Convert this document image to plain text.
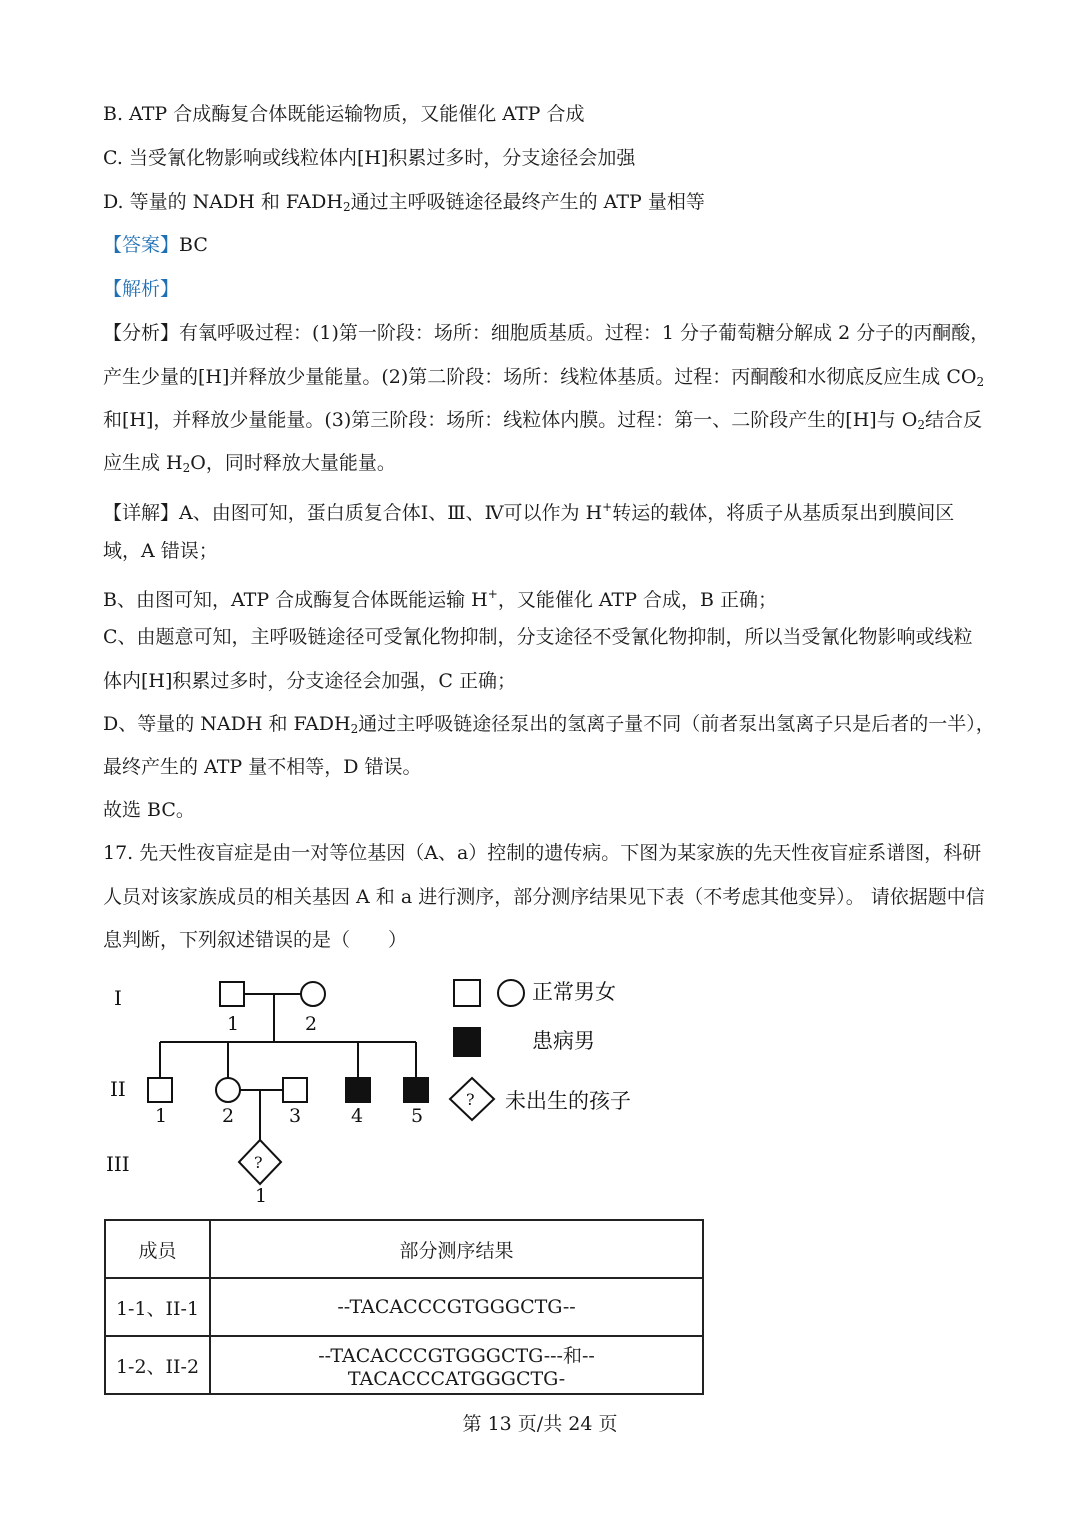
B. ATP 合成酶复合体既能运输物质，又能催化 ATP 合成
C. 当受氰化物影响或线粒体内[H]积累过多时，分支途径会加强
D. 等量的 NADH 和 $FADH_2$通过主呼吸链途径最终产生的 ATP 量相等
【答案】BC
【解析】
【分析】有氧呼吸过程：(1)第一阶段：场所：细胞质基质。过程：1 分子葡萄糖分解成 2 分子的丙酮酸，
产生少量的[H]并释放少量能量。(2)第二阶段：场所：线粒体基质。过程：丙酮酸和水彻底反应生成 $CO_2$
和[H]，并释放少量能量。(3)第三阶段：场所：线粒体内膜。过程：第一、二阶段产生的[H]与 $O_2$结合反
应生成 $H_2O$，同时释放大量能量。
【详解】A、由图可知，蛋白质复合体Ⅰ、Ⅲ、Ⅳ可以作为 H+转运的载体，将质子从基质泵出到膜间区
域，A 错误；
B、由图可知，ATP 合成酶复合体既能运输 H+，又能催化 ATP 合成，B 正确；
C、由题意可知，主呼吸链途径可受氰化物抑制，分支途径不受氰化物抑制，所以当受氰化物影响或线粒
体内[H]积累过多时，分支途径会加强，C 正确；
D、等量的 NADH 和 $FADH_2$通过主呼吸链途径泵出的氢离子量不同（前者泵出氢离子只是后者的一半），
最终产生的 ATP 量不相等，D 错误。
故选 BC。
17. 先天性夜盲症是由一对等位基因（A、a）控制的遗传病。下图为某家族的先天性夜盲症系谱图，科研
人员对该家族成员的相关基因 A 和 a 进行测序，部分测序结果见下表（不考虑其他变异）。 请依据题中信
息判断，下列叙述错误的是（　　）
I
II
III
1	2
1	2	3	4	5
1
?
?
正常男女
患病男
未出生的孩子
成员	部分测序结果
1-1、II-1	--TACACCCGTGGGCTG--
1-2、II-2	--TACACCCGTGGGCTG---和--TACACCCATGGGCTG-
第 13 页/共 24 页
